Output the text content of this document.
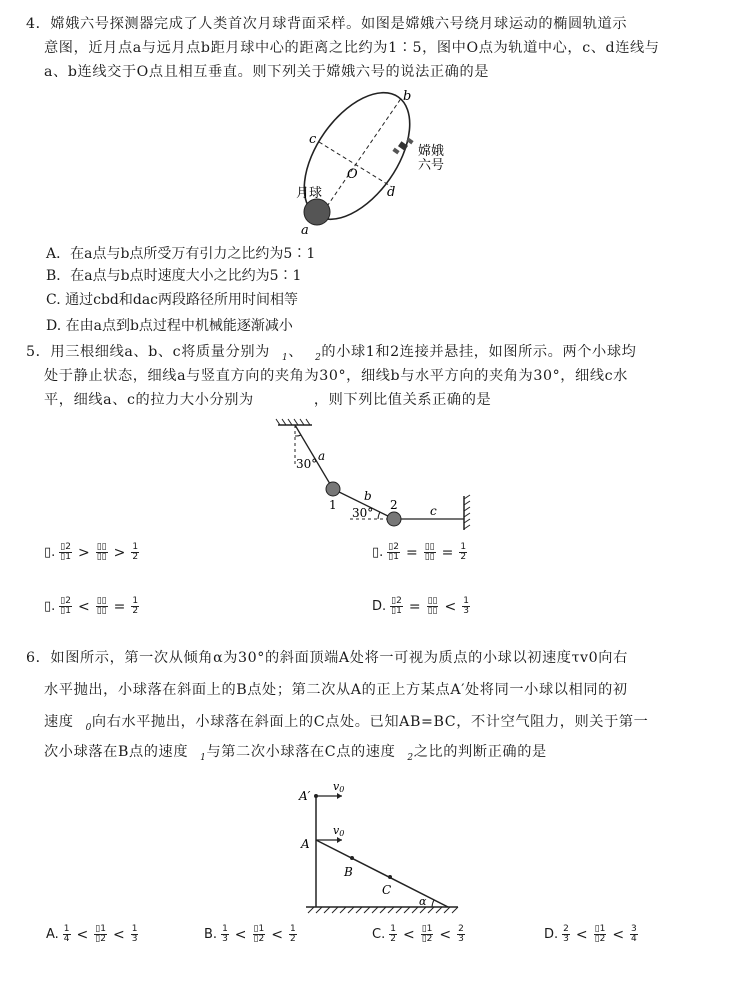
4．嫦娥六号探测器完成了人类首次月球背面采样。如图是嫦娥六号绕月球运动的椭圆轨道示
意图，近月点a与远月点b距月球中心的距离之比约为1∶5，图中O点为轨道中心，c、d连线与
a、b连线交于O点且相互垂直。则下列关于嫦娥六号的说法正确的是
b
c
d
O
a
月球
嫦娥
六号
A．在a点与b点所受万有引力之比约为5∶1
B．在a点与b点时速度大小之比约为5∶1
C. 通过cbd和dac两段路径所用时间相等
D. 在由a点到b点过程中机械能逐渐减小
5．用三根细线a、b、c将质量分别为 $_1$、 $_2$的小球1和2连接并悬挂，如图所示。两个小球均
处于静止状态，细线a与竖直方向的夹角为30°，细线b与水平方向的夹角为30°，细线c水
平，细线a、c的拉力大小分别为	，则下列比值关系正确的是
30°
a
b
c
1	2
30°
▯. $\frac{▯2}{▯1} > \frac{▯▯}{▯▯} > \frac{1}{2}$	▯. $\frac{▯2}{▯1} = \frac{▯▯}{▯▯} = \frac{1}{2}$
▯. $\frac{▯2}{▯1} < \frac{▯▯}{▯▯} = \frac{1}{2}$	D. $\frac{▯2}{▯1} = \frac{▯▯}{▯▯} < \frac{1}{3}$
6．如图所示，第一次从倾角α为30°的斜面顶端A处将一可视为质点的小球以初速度τv0向右
水平抛出，小球落在斜面上的B点处；第二次从A的正上方某点A′处将同一小球以相同的初
速度 $_0$向右水平抛出，小球落在斜面上的C点处。已知AB=BC，不计空气阻力，则关于第一
次小球落在B点的速度 $_1$与第二次小球落在C点的速度 $_2$之比的判断正确的是
A′
A
B
C
v0
v0
α
A. $\frac{1}{4} < \frac{▯1}{▯2} < \frac{1}{3}$	B. $\frac{1}{3} < \frac{▯1}{▯2} < \frac{1}{2}$	C. $\frac{1}{2} < \frac{▯1}{▯2} < \frac{2}{3}$	D. $\frac{2}{3} < \frac{▯1}{▯2} < \frac{3}{4}$
